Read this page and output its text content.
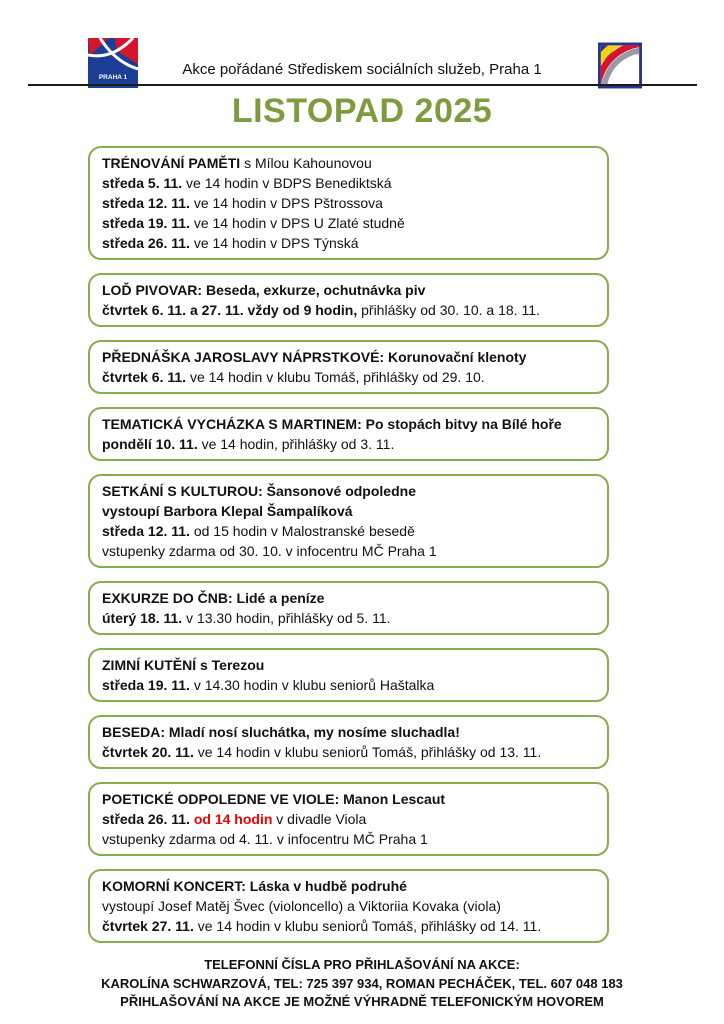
PRAHA 1	Akce pořádané Střediskem sociálních služeb, Praha 1
LISTOPAD 2025
TRÉNOVÁNÍ PAMĚTI s Mílou Kahounovou
středa 5. 11. ve 14 hodin v BDPS Benediktská
středa 12. 11. ve 14 hodin v DPS Pštrossova
středa 19. 11. ve 14 hodin v DPS U Zlaté studně
středa 26. 11. ve 14 hodin v DPS Týnská
LOĎ PIVOVAR: Beseda, exkurze, ochutnávka piv
čtvrtek 6. 11. a 27. 11. vždy od 9 hodin, přihlášky od 30. 10. a 18. 11.
PŘEDNÁŠKA JAROSLAVY NÁPRSTKOVÉ: Korunovační klenoty
čtvrtek 6. 11. ve 14 hodin v klubu Tomáš, přihlášky od 29. 10.
TEMATICKÁ VYCHÁZKA S MARTINEM: Po stopách bitvy na Bílé hoře
pondělí 10. 11. ve 14 hodin, přihlášky od 3. 11.
SETKÁNÍ S KULTUROU: Šansonové odpoledne
vystoupí Barbora Klepal Šampalíková
středa 12. 11. od 15 hodin v Malostranské besedě
vstupenky zdarma od 30. 10. v infocentru MČ Praha 1
EXKURZE DO ČNB: Lidé a peníze
úterý 18. 11. v 13.30 hodin, přihlášky od 5. 11.
ZIMNÍ KUTĚNÍ s Terezou
středa 19. 11. v 14.30 hodin v klubu seniorů Haštalka
BESEDA: Mladí nosí sluchátka, my nosíme sluchadla!
čtvrtek 20. 11. ve 14 hodin v klubu seniorů Tomáš, přihlášky od 13. 11.
POETICKÉ ODPOLEDNE VE VIOLE: Manon Lescaut
středa 26. 11. od 14 hodin v divadle Viola
vstupenky zdarma od 4. 11. v infocentru MČ Praha 1
KOMORNÍ KONCERT: Láska v hudbě podruhé
vystoupí Josef Matěj Švec (violoncello) a Viktoriia Kovaka (viola)
čtvrtek 27. 11. ve 14 hodin v klubu seniorů Tomáš, přihlášky od 14. 11.
TELEFONNÍ ČÍSLA PRO PŘIHLAŠOVÁNÍ NA AKCE:
KAROLÍNA SCHWARZOVÁ, TEL: 725 397 934, ROMAN PECHÁČEK, TEL. 607 048 183
PŘIHLAŠOVÁNÍ NA AKCE JE MOŽNÉ VÝHRADNĚ TELEFONICKÝM HOVOREM
